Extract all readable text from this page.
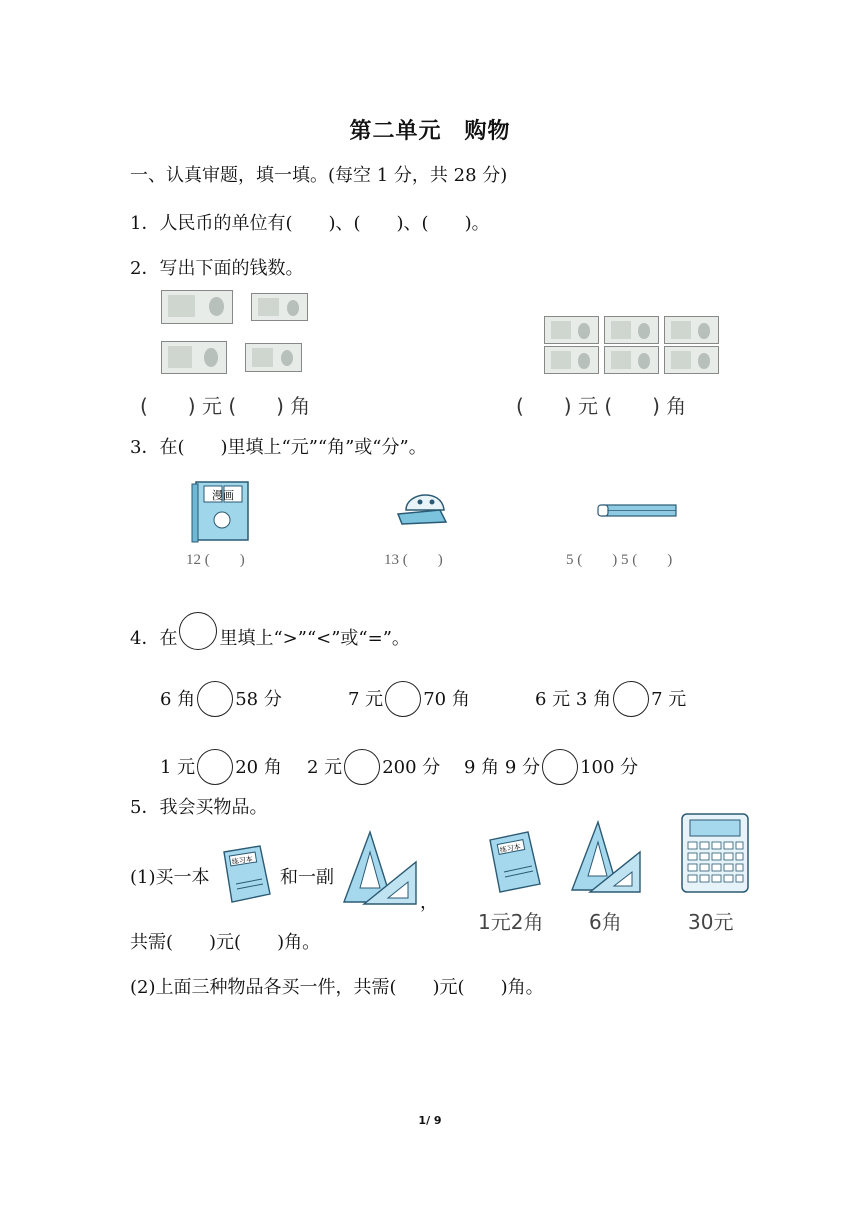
第二单元　购物
一、认真审题，填一填。(每空 1 分，共 28 分)
1．人民币的单位有(　　)、(　　)、(　　)。
2．写出下面的钱数。
(　　) 元 (　　) 角	(　　) 元 (　　) 角
3．在(　　)里填上“元”“角”或“分”。
漫画
12 (　　)	13 (　　)	5 (　　) 5 (　　)
4．在 里填上“>”“<”或“=”。
6 角 58 分	7 元 70 角	6 元 3 角 7 元
1 元 20 角 2 元 200 分 9 角 9 分 100 分
5．我会买物品。
(1)买一本
练习本
和一副
，
共需(　　)元(　　)角。
练习本
1元2角 6角	30元
(2)上面三种物品各买一件，共需(　　)元(　　)角。
1/ 9
